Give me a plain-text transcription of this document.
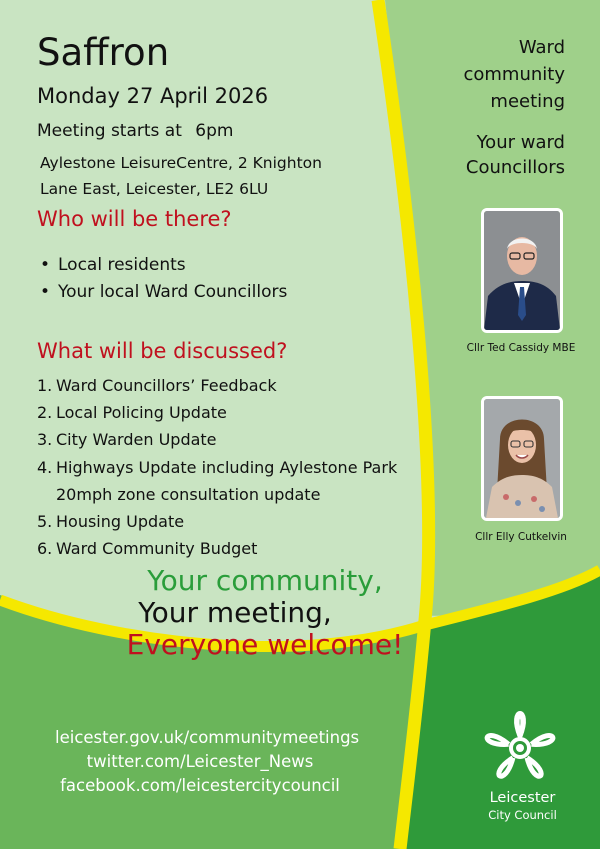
Saffron
Monday 27 April 2026
Meeting starts at 6pm
Aylestone LeisureCentre, 2 Knighton
Lane East, Leicester, LE2 6LU
Who will be there?
• Local residents
• Your local Ward Councillors
What will be discussed?
1. Ward Councillors’ Feedback
2. Local Policing Update
3. City Warden Update
4. Highways Update including Aylestone Park 20mph zone consultation update
5. Housing Update
6. Ward Community Budget
Your community,
Your meeting,
Everyone welcome!
Ward community meeting
Your ward Councillors
Cllr Ted Cassidy MBE
Cllr Elly Cutkelvin
leicester.gov.uk/communitymeetings
twitter.com/Leicester_News
facebook.com/leicestercitycouncil
Leicester
City Council
